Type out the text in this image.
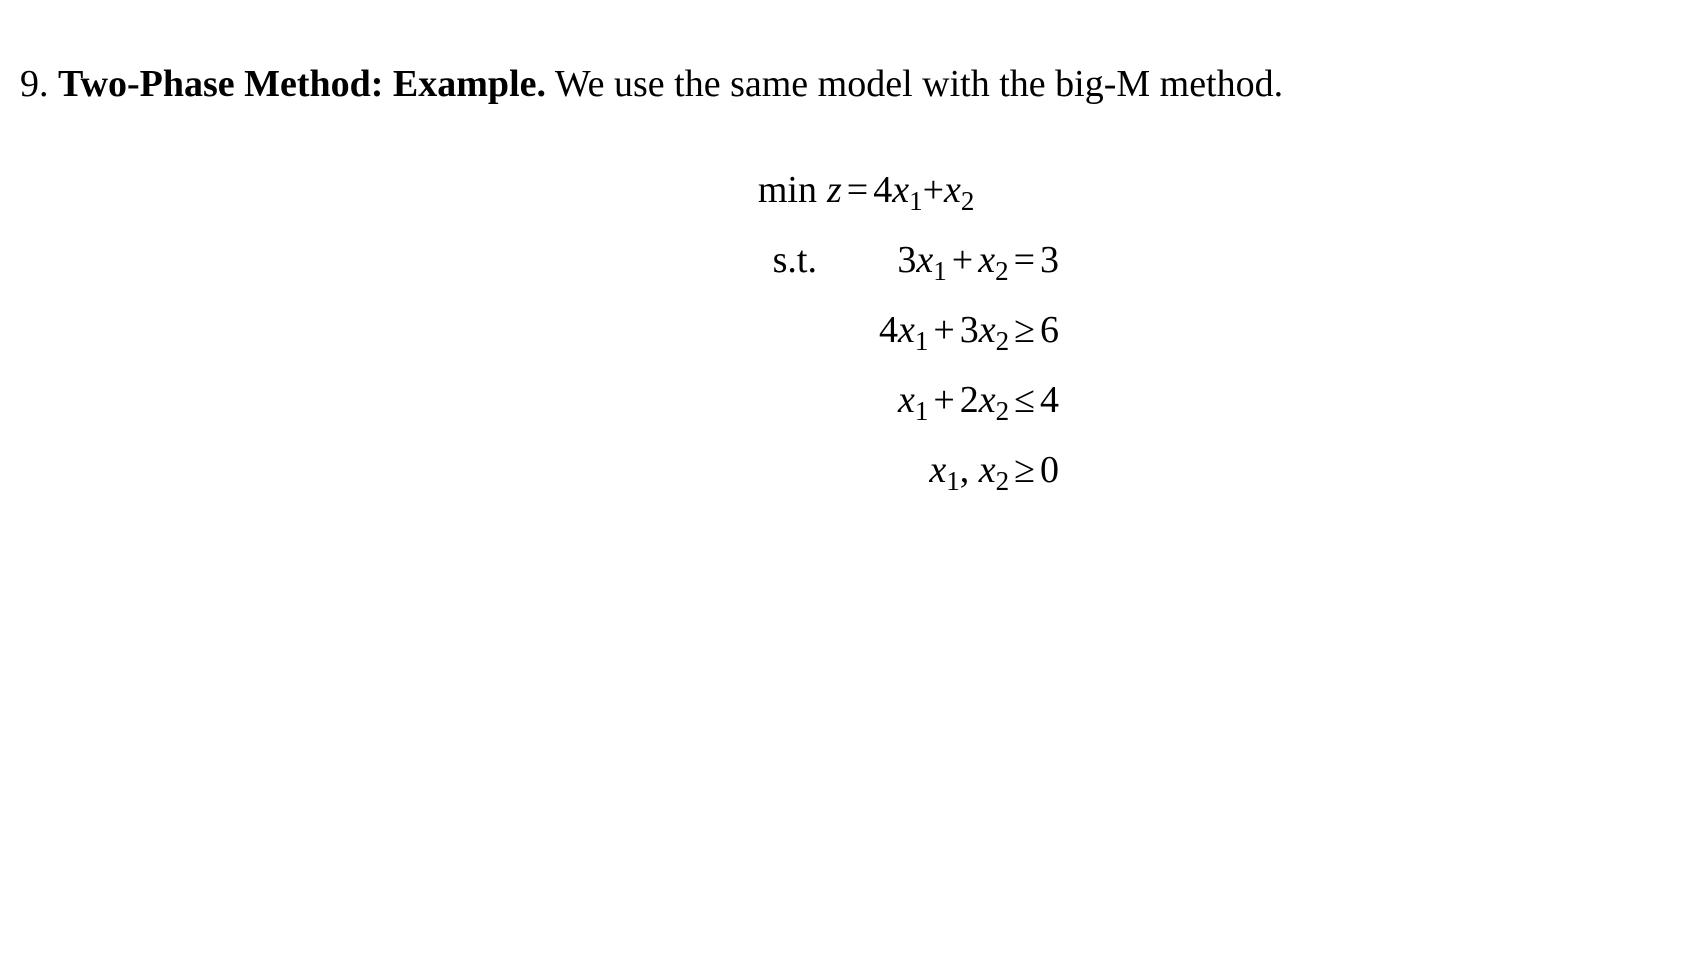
9. Two-Phase Method: Example. We use the same model with the big-M method.
$\min z = 4x_1+x_2$
s.t. $3x_1 + x_2 = 3$
$4x_1 + 3x_2 \ge 6$
$x_1 + 2x_2 \le 4$
$x_1$, $x_2 \ge 0$
